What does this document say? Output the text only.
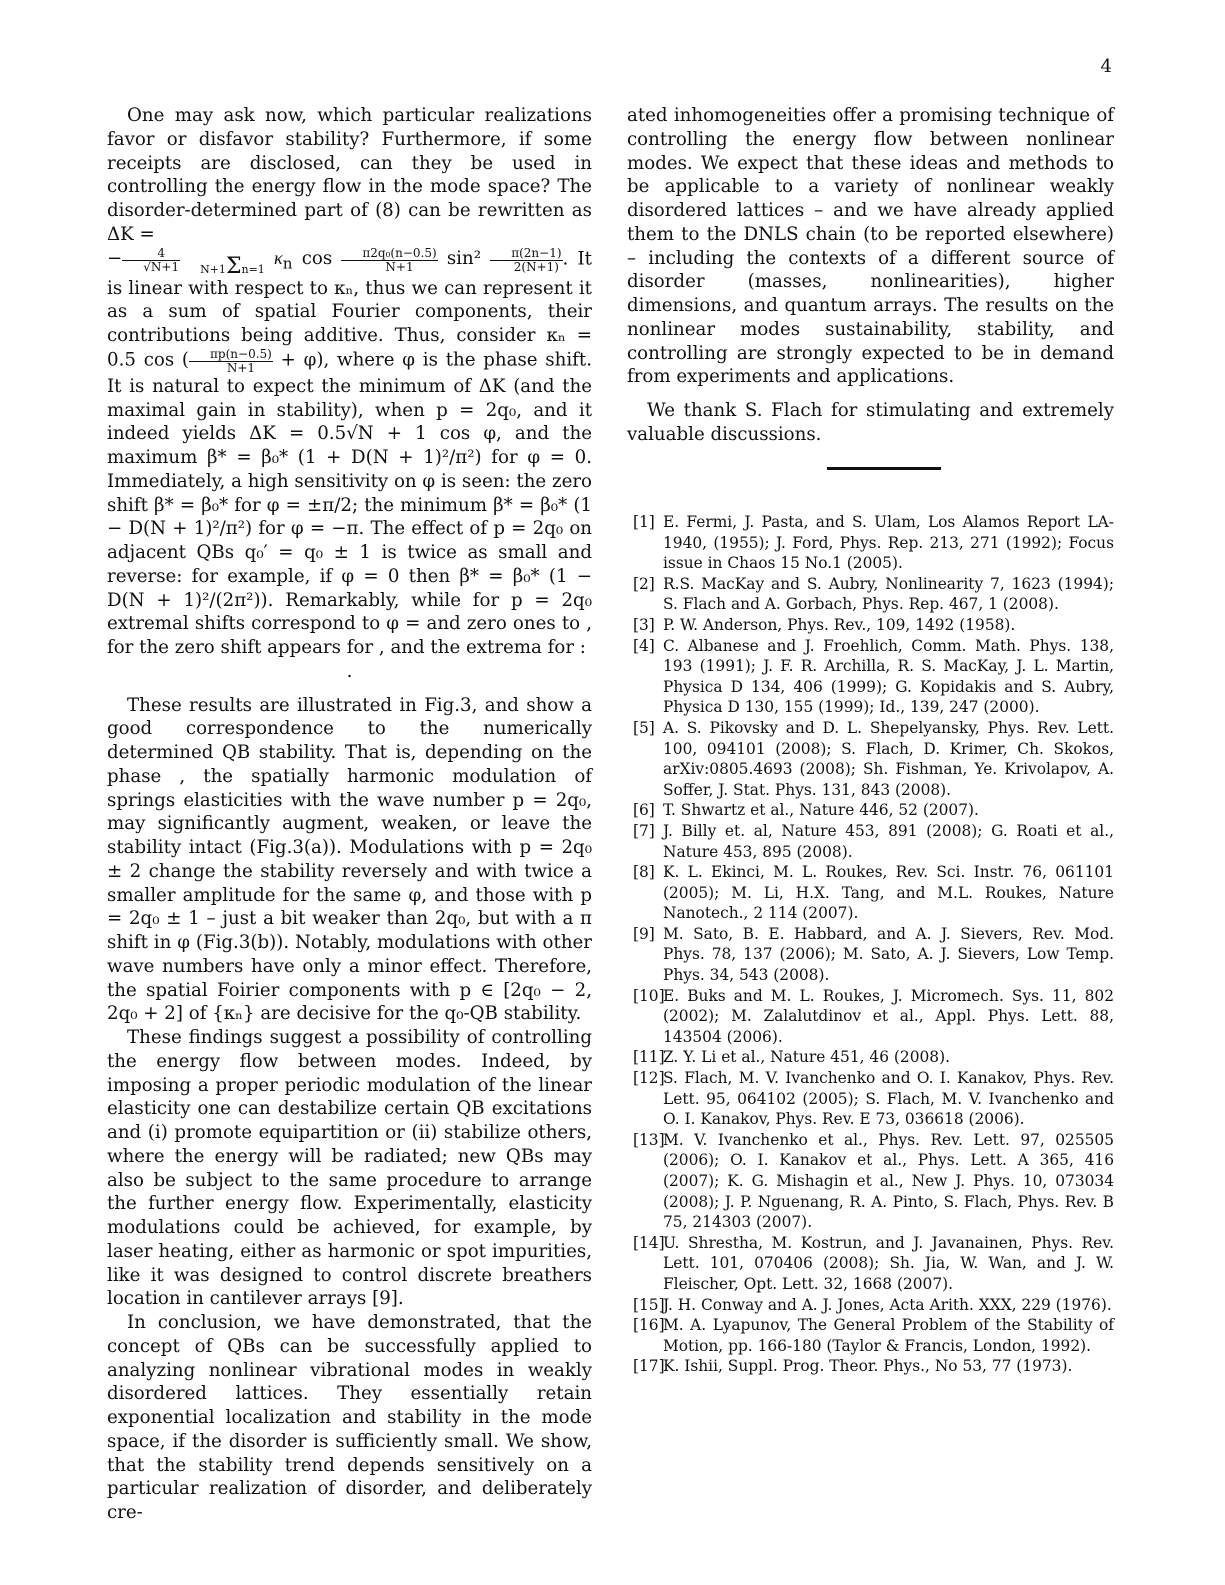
4

One may ask now, which particular realizations favor or disfavor stability? Furthermore, if some receipts are disclosed, can they be used in controlling the energy flow in the mode space? The disorder-determined part of (8) can be rewritten as ΔK =
− $\frac{4}{√N+1} N+1\Sigma n=1$ $\kappa_n$ $\cos \frac{\text{π2q₀(n−0.5)}}{N+1} \sin^2 \frac{\pi(2n-1)}{2(N+1)}$ . It is linear with respect to κₙ, thus we can represent it as a sum of spatial Fourier components, their contributions being additive. Thus, consider κₙ = 0.5 cos ( $\frac{\pi p(n-0.5)}{N+1} + \varphi$), where φ is the phase shift. It is natural to expect the minimum of ΔK (and the maximal gain in stability), when p = 2q₀, and it indeed yields ΔK = 0.5√N + 1 cos φ, and the maximum β* = β₀* (1 + D(N + 1)²/π²) for φ = 0. Immediately, a high sensitivity on φ is seen: the zero shift β* = β₀* for φ = ±π/2; the minimum β* = β₀* (1 − D(N + 1)²/π²) for φ = −π. The effect of p = 2q₀ on adjacent QBs q₀′ = q₀ ± 1 is twice as small and reverse: for example, if φ = 0 then β* = β₀* (1 − D(N + 1)²/(2π²)). Remarkably, while for p = 2q₀ extremal shifts correspond to φ = and zero ones to , for the zero shift appears for , and the extrema for :

.

These results are illustrated in Fig.3, and show a good correspondence to the numerically determined QB stability. That is, depending on the phase , the spatially harmonic modulation of springs elasticities with the wave number p = 2q₀, may significantly augment, weaken, or leave the stability intact (Fig.3(a)). Modulations with p = 2q₀ ± 2 change the stability reversely and with twice a smaller amplitude for the same φ, and those with p = 2q₀ ± 1 – just a bit weaker than 2q₀, but with a π shift in φ (Fig.3(b)). Notably, modulations with other wave numbers have only a minor effect. Therefore, the spatial Foirier components with p ∈ [2q₀ − 2, 2q₀ + 2] of {κₙ} are decisive for the q₀-QB stability.

These findings suggest a possibility of controlling the energy flow between modes. Indeed, by imposing a proper periodic modulation of the linear elasticity one can destabilize certain QB excitations and (i) promote equipartition or (ii) stabilize others, where the energy will be radiated; new QBs may also be subject to the same procedure to arrange the further energy flow. Experimentally, elasticity modulations could be achieved, for example, by laser heating, either as harmonic or spot impurities, like it was designed to control discrete breathers location in cantilever arrays [9].

In conclusion, we have demonstrated, that the concept of QBs can be successfully applied to analyzing nonlinear vibrational modes in weakly disordered lattices. They essentially retain exponential localization and stability in the mode space, if the disorder is sufficiently small. We show, that the stability trend depends sensitively on a particular realization of disorder, and deliberately cre-

ated inhomogeneities offer a promising technique of controlling the energy flow between nonlinear modes. We expect that these ideas and methods to be applicable to a variety of nonlinear weakly disordered lattices – and we have already applied them to the DNLS chain (to be reported elsewhere) – including the contexts of a different source of disorder (masses, nonlinearities), higher dimensions, and quantum arrays. The results on the nonlinear modes sustainability, stability, and controlling are strongly expected to be in demand from experiments and applications.

We thank S. Flach for stimulating and extremely valuable discussions.

[1] E. Fermi, J. Pasta, and S. Ulam, Los Alamos Report LA-1940, (1955); J. Ford, Phys. Rep. 213, 271 (1992); Focus issue in Chaos 15 No.1 (2005).
[2] R.S. MacKay and S. Aubry, Nonlinearity 7, 1623 (1994); S. Flach and A. Gorbach, Phys. Rep. 467, 1 (2008).
[3] P. W. Anderson, Phys. Rev., 109, 1492 (1958).
[4] C. Albanese and J. Froehlich, Comm. Math. Phys. 138, 193 (1991); J. F. R. Archilla, R. S. MacKay, J. L. Martin, Physica D 134, 406 (1999); G. Kopidakis and S. Aubry, Physica D 130, 155 (1999); Id., 139, 247 (2000).
[5] A. S. Pikovsky and D. L. Shepelyansky, Phys. Rev. Lett. 100, 094101 (2008); S. Flach, D. Krimer, Ch. Skokos, arXiv:0805.4693 (2008); Sh. Fishman, Ye. Krivolapov, A. Soffer, J. Stat. Phys. 131, 843 (2008).
[6] T. Shwartz et al., Nature 446, 52 (2007).
[7] J. Billy et. al, Nature 453, 891 (2008); G. Roati et al., Nature 453, 895 (2008).
[8] K. L. Ekinci, M. L. Roukes, Rev. Sci. Instr. 76, 061101 (2005); M. Li, H.X. Tang, and M.L. Roukes, Nature Nanotech., 2 114 (2007).
[9] M. Sato, B. E. Habbard, and A. J. Sievers, Rev. Mod. Phys. 78, 137 (2006); M. Sato, A. J. Sievers, Low Temp. Phys. 34, 543 (2008).
[10]
E. Buks and M. L. Roukes, J. Micromech. Sys. 11, 802 (2002); M. Zalalutdinov et al., Appl. Phys. Lett. 88, 143504 (2006).
[11]
Z. Y. Li et al., Nature 451, 46 (2008).
[12]
S. Flach, M. V. Ivanchenko and O. I. Kanakov, Phys. Rev. Lett. 95, 064102 (2005); S. Flach, M. V. Ivanchenko and O. I. Kanakov, Phys. Rev. E 73, 036618 (2006).
[13]
M. V. Ivanchenko et al., Phys. Rev. Lett. 97, 025505 (2006); O. I. Kanakov et al., Phys. Lett. A 365, 416 (2007); K. G. Mishagin et al., New J. Phys. 10, 073034 (2008); J. P. Nguenang, R. A. Pinto, S. Flach, Phys. Rev. B 75, 214303 (2007).
[14]
U. Shrestha, M. Kostrun, and J. Javanainen, Phys. Rev. Lett. 101, 070406 (2008); Sh. Jia, W. Wan, and J. W. Fleischer, Opt. Lett. 32, 1668 (2007).
[15]
J. H. Conway and A. J. Jones, Acta Arith. XXX, 229 (1976).
[16]
M. A. Lyapunov, The General Problem of the Stability of Motion, pp. 166-180 (Taylor & Francis, London, 1992).
[17]
K. Ishii, Suppl. Prog. Theor. Phys., No 53, 77 (1973).
